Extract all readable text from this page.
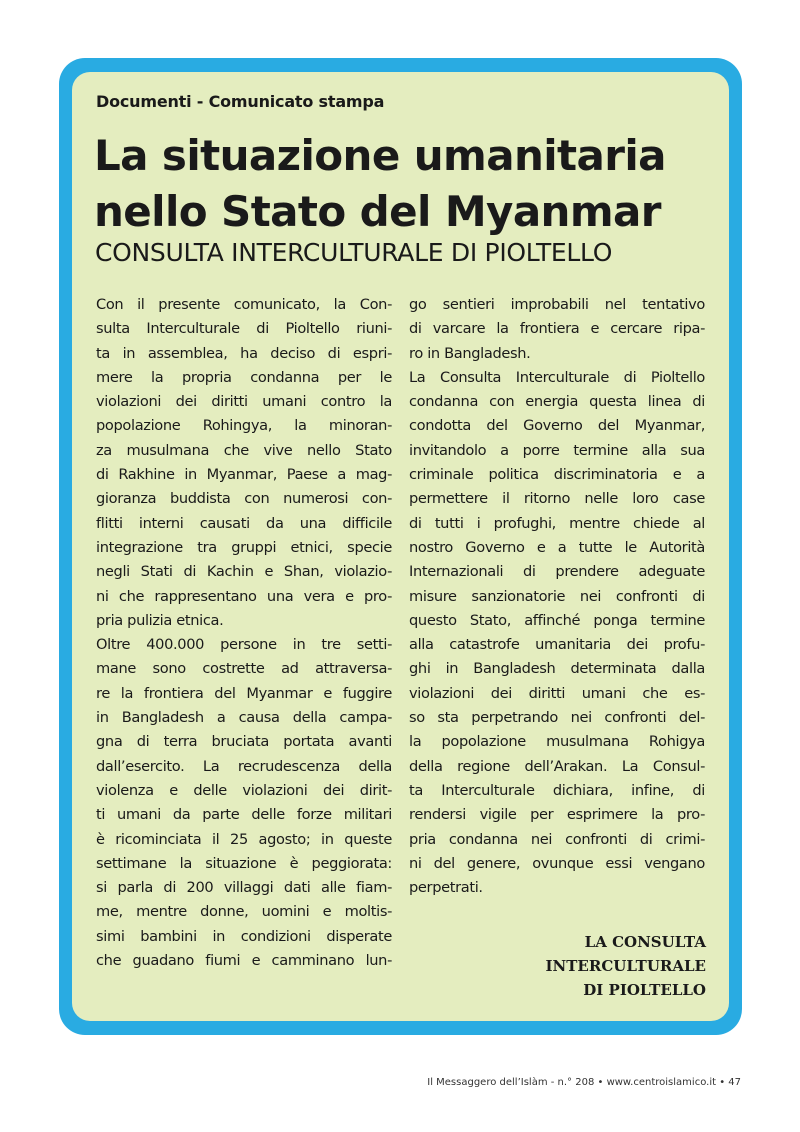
Documenti - Comunicato stampa
La situazione umanitaria
nello Stato del Myanmar
CONSULTA INTERCULTURALE DI PIOLTELLO
Con il presente comunicato, la Con-
sulta Interculturale di Pioltello riuni-
ta in assemblea, ha deciso di espri-
mere la propria condanna per le
violazioni dei diritti umani contro la
popolazione Rohingya, la minoran-
za musulmana che vive nello Stato
di Rakhine in Myanmar, Paese a mag-
gioranza buddista con numerosi con-
flitti interni causati da una difficile
integrazione tra gruppi etnici, specie
negli Stati di Kachin e Shan, violazio-
ni che rappresentano una vera e pro-
pria pulizia etnica.
Oltre 400.000 persone in tre setti-
mane sono costrette ad attraversa-
re la frontiera del Myanmar e fuggire
in Bangladesh a causa della campa-
gna di terra bruciata portata avanti
dall’esercito. La recrudescenza della
violenza e delle violazioni dei dirit-
ti umani da parte delle forze militari
è ricominciata il 25 agosto; in queste
settimane la situazione è peggiorata:
si parla di 200 villaggi dati alle fiam-
me, mentre donne, uomini e moltis-
simi bambini in condizioni disperate
che guadano fiumi e camminano lun-
go sentieri improbabili nel tentativo
di varcare la frontiera e cercare ripa-
ro in Bangladesh.
La Consulta Interculturale di Pioltello
condanna con energia questa linea di
condotta del Governo del Myanmar,
invitandolo a porre termine alla sua
criminale politica discriminatoria e a
permettere il ritorno nelle loro case
di tutti i profughi, mentre chiede al
nostro Governo e a tutte le Autorità
Internazionali di prendere adeguate
misure sanzionatorie nei confronti di
questo Stato, affinché ponga termine
alla catastrofe umanitaria dei profu-
ghi in Bangladesh determinata dalla
violazioni dei diritti umani che es-
so sta perpetrando nei confronti del-
la popolazione musulmana Rohigya
della regione dell’Arakan. La Consul-
ta Interculturale dichiara, infine, di
rendersi vigile per esprimere la pro-
pria condanna nei confronti di crimi-
ni del genere, ovunque essi vengano
perpetrati.
LA CONSULTA
INTERCULTURALE
DI PIOLTELLO
Il Messaggero dell’Islàm - n.° 208 • www.centroislamico.it • 47
